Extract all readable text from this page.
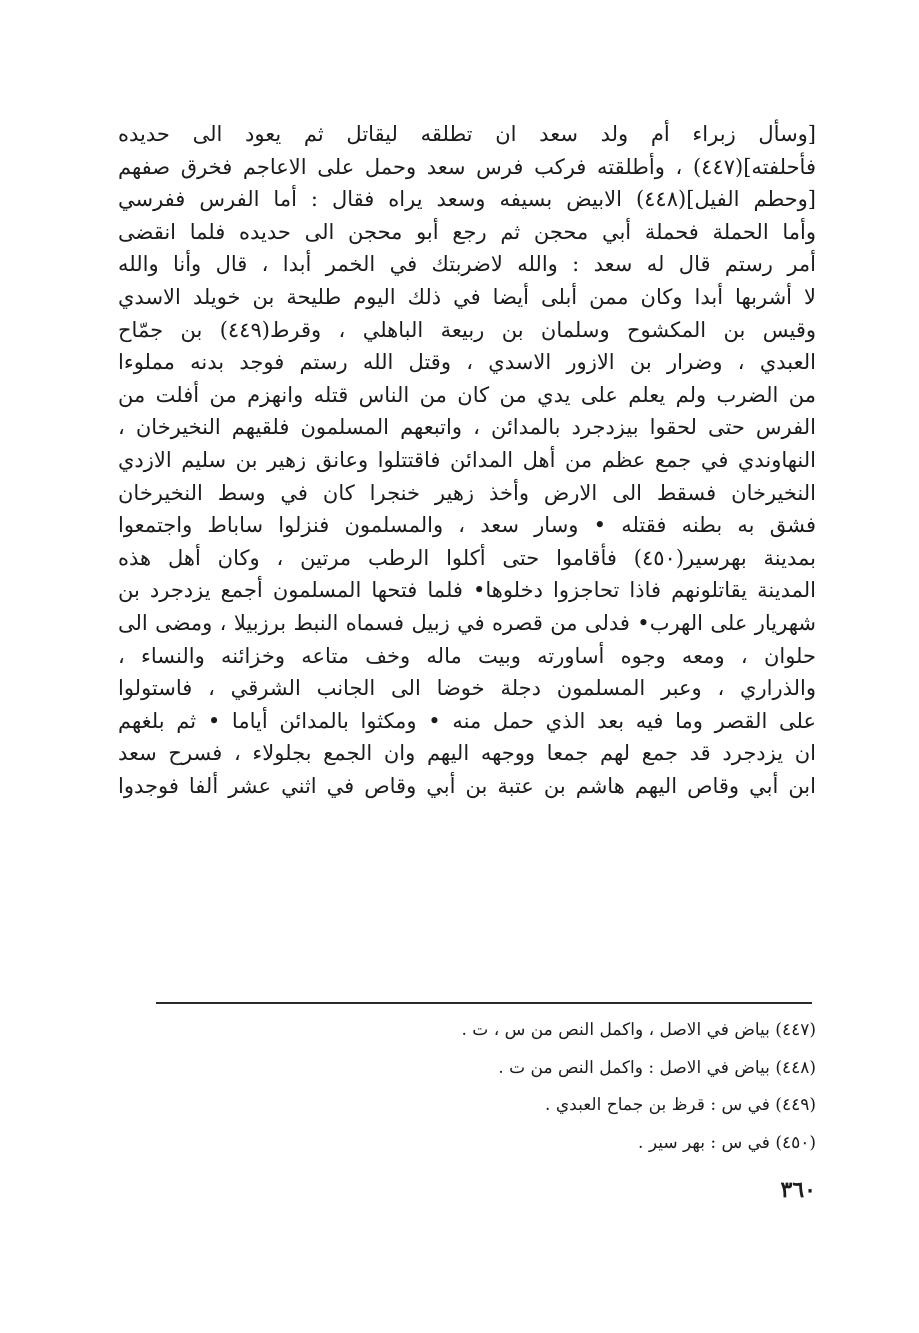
[وسأل زبراء أم ولد سعد ان تطلقه ليقاتل ثم يعود الى حديده
فأحلفته](٤٤٧) ، وأطلقته فركب فرس سعد وحمل على الاعاجم فخرق صفهم
[وحطم الفيل](٤٤٨) الابيض بسيفه وسعد يراه فقال : أما الفرس ففرسي
وأما الحملة فحملة أبي محجن ثم رجع أبو محجن الى حديده فلما انقضى
أمر رستم قال له سعد : والله لاضربتك في الخمر أبدا ، قال وأنا والله
لا أشربها أبدا وكان ممن أبلى أيضا في ذلك اليوم طليحة بن خويلد الاسدي
وقيس بن المكشوح وسلمان بن ربيعة الباهلي ، وقرط(٤٤٩) بن جمّاح
العبدي ، وضرار بن الازور الاسدي ، وقتل الله رستم فوجد بدنه مملوءا
من الضرب ولم يعلم على يدي من كان من الناس قتله وانهزم من أفلت من
الفرس حتى لحقوا بيزدجرد بالمدائن ، واتبعهم المسلمون فلقيهم النخيرخان ،
النهاوندي في جمع عظم من أهل المدائن فاقتتلوا وعانق زهير بن سليم الازدي
النخيرخان فسقط الى الارض وأخذ زهير خنجرا كان في وسط النخيرخان
فشق به بطنه فقتله • وسار سعد ، والمسلمون فنزلوا ساباط واجتمعوا
بمدينة بهرسير(٤٥٠) فأقاموا حتى أكلوا الرطب مرتين ، وكان أهل هذه
المدينة يقاتلونهم فاذا تحاجزوا دخلوها• فلما فتحها المسلمون أجمع يزدجرد بن
شهريار على الهرب• فدلى من قصره في زبيل فسماه النبط برزبيلا ، ومضى الى
حلوان ، ومعه وجوه أساورته وبيت ماله وخف متاعه وخزائنه والنساء ،
والذراري ، وعبر المسلمون دجلة خوضا الى الجانب الشرقي ، فاستولوا
على القصر وما فيه بعد الذي حمل منه • ومكثوا بالمدائن أياما • ثم بلغهم
ان يزدجرد قد جمع لهم جمعا ووجهه اليهم وان الجمع بجلولاء ، فسرح سعد
ابن أبي وقاص اليهم هاشم بن عتبة بن أبي وقاص في اثني عشر ألفا فوجدوا
(٤٤٧) بياض في الاصل ، واكمل النص من س ، ت .
(٤٤٨) بياض في الاصل : واكمل النص من ت .
(٤٤٩) في س : قرظ بن جماح العبدي .
(٤٥٠) في س : بهر سير .
٣٦٠
